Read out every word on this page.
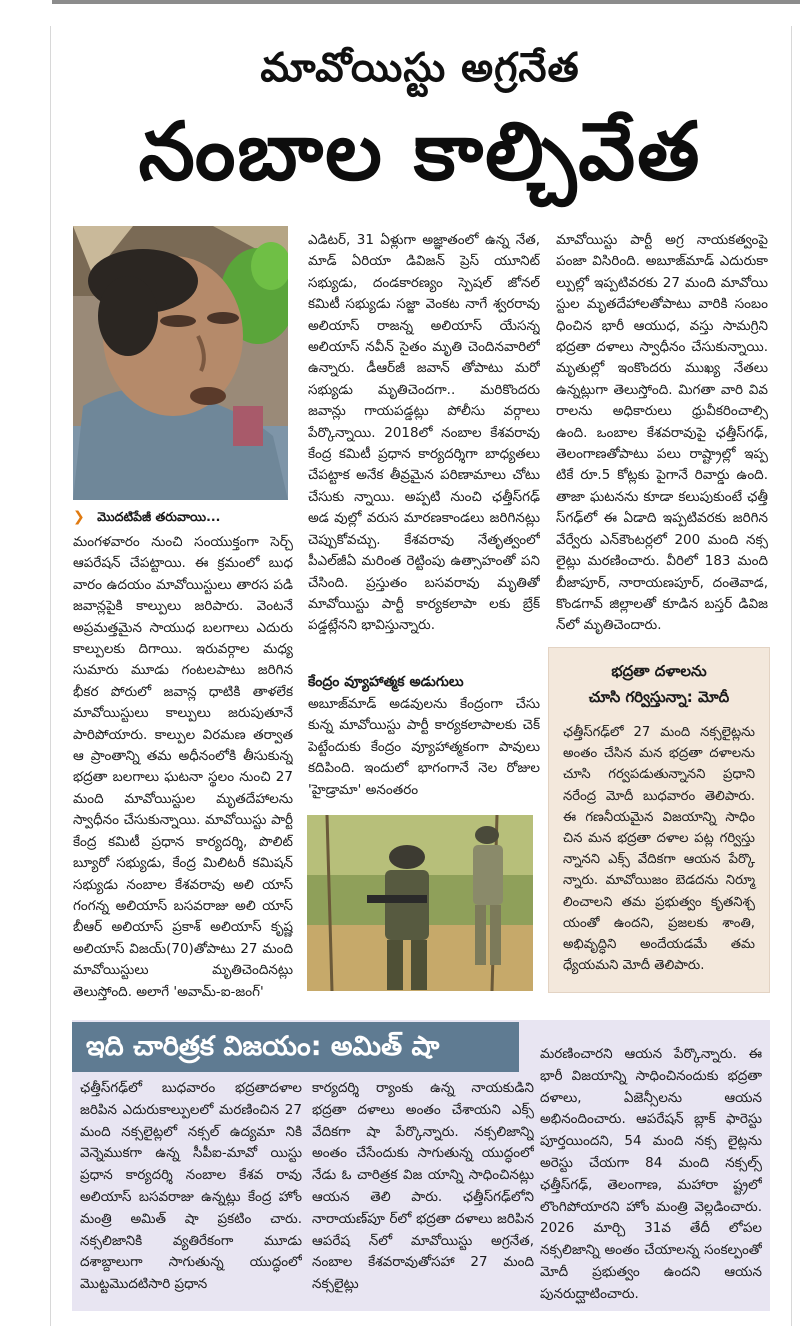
మావోయిస్టు అగ్రనేత
నంబాల కాల్చివేత
❯ మొదటిపేజీ తరువాయి...

మంగళవారం నుంచి సంయుక్తంగా సెర్చ్ ఆపరేషన్ చేపట్టాయి. ఈ క్రమంలో బుధ వారం ఉదయం మావోయిస్టులు తారస పడి జవాన్లపైకి కాల్పులు జరిపారు. వెంటనే అప్రమత్తమైన సాయుధ బలగాలు ఎదురు కాల్పులకు దిగాయి. ఇరువర్గాల మధ్య సుమారు మూడు గంటలపాటు జరిగిన భీకర పోరులో జవాన్ల ధాటికి తాళలేక మావోయిస్టులు కాల్పులు జరుపుతూనే పారిపోయారు. కాల్పుల విరమణ తర్వాత ఆ ప్రాంతాన్ని తమ అధీనంలోకి తీసుకున్న భద్రతా బలగాలు ఘటనా స్థలం నుంచి 27 మంది మావోయిస్టుల మృతదేహాలను స్వాధీనం చేసుకున్నాయి. మావోయిస్టు పార్టీ కేంద్ర కమిటీ ప్రధాన కార్యదర్శి, పొలిట్ బ్యూరో సభ్యుడు, కేంద్ర మిలిటరీ కమిషన్ సభ్యుడు నంబాల కేశవరావు అలి యాస్ గంగన్న అలియాస్ బసవరాజు అలి యాస్ బీఆర్ అలియాస్ ప్రకాశ్ అలియాస్ కృష్ణ అలియాస్ విజయ్(70)తోపాటు 27 మంది మావోయిస్టులు మృతిచెందినట్లు తెలుస్తోంది. అలాగే 'అవామ్-ఐ-జంగ్'

ఎడిటర్, 31 ఏళ్లుగా అజ్ఞాతంలో ఉన్న నేత, మాడ్ ఏరియా డివిజన్ ప్రెస్ యూనిట్ సభ్యుడు, దండకారణ్యం స్పెషల్ జోనల్ కమిటీ సభ్యుడు సజ్జా వెంకట నాగే శ్వరరావు అలియాస్ రాజన్న అలియాస్ యేసన్న అలియాస్ నవీన్ సైతం మృతి చెందినవారిలో ఉన్నారు. డీఆర్‌జీ జవాన్ తోపాటు మరో సభ్యుడు మృతిచెందగా.. మరికొందరు జవాన్లు గాయపడ్డట్లు పోలీసు వర్గాలు పేర్కొన్నాయి. 2018లో నంబాల కేశవరావు కేంద్ర కమిటీ ప్రధాన కార్యదర్శిగా బాధ్యతలు చేపట్టాక అనేక తీవ్రమైన పరిణామాలు చోటు చేసుకు న్నాయి. అప్పటి నుంచి ఛత్తీస్‌గఢ్ అడ వుల్లో వరుస మారణకాండలు జరిగినట్లు చెప్పుకోవచ్చు. కేశవరావు నేతృత్వంలో పీఎల్‌జీఏ మరింత రెట్టింపు ఉత్సాహంతో పని చేసింది. ప్రస్తుతం బసవరావు మృతితో మావోయిస్టు పార్టీ కార్యకలాపా లకు బ్రేక్ పడ్డట్లేనని భావిస్తున్నారు.

కేంద్రం వ్యూహాత్మక అడుగులు

అబూజ్‌మాడ్ అడవులను కేంద్రంగా చేసు కున్న మావోయిస్టు పార్టీ కార్యకలాపాలకు చెక్ పెట్టేందుకు కేంద్రం వ్యూహాత్మకంగా పావులు కదిపింది. ఇందులో భాగంగానే నెల రోజుల 'హైడ్రామా' అనంతరం

మావోయిస్టు పార్టీ అగ్ర నాయకత్వంపై పంజా విసిరింది. అబూజ్‌మాడ్ ఎదురుకా ల్పుల్లో ఇప్పటివరకు 27 మంది మావోయి స్టుల మృతదేహాలతోపాటు వారికి సంబం ధించిన భారీ ఆయుధ, వస్తు సామగ్రిని భద్రతా దళాలు స్వాధీనం చేసుకున్నాయి. మృతుల్లో ఇంకొందరు ముఖ్య నేతలు ఉన్నట్లుగా తెలుస్తోంది. మిగతా వారి వివ రాలను అధికారులు ధ్రువీకరించాల్సి ఉంది. ఒంబాల కేశవరావుపై ఛత్తీస్‌గఢ్, తెలంగాణతోపాటు పలు రాష్ట్రాల్లో ఇప్ప టికే రూ.5 కోట్లకు పైగానే రివార్డు ఉంది. తాజా ఘటనను కూడా కలుపుకుంటే ఛత్తీ స్‌గఢ్‌లో ఈ ఏడాది ఇప్పటివరకు జరిగిన వేర్వేరు ఎన్‌కౌంటర్లలో 200 మంది నక్స లైట్లు మరణించారు. వీరిలో 183 మంది బీజాపూర్, నారాయణపూర్, దంతెవాడ, కొండగావ్ జిల్లాలతో కూడిన బస్తర్ డివిజ న్‌లో మృతిచెందారు.

భద్రతా దళాలను
చూసి గర్విస్తున్నా: మోదీ
ఛత్తీస్‌గఢ్‌లో 27 మంది నక్సలైట్లను అంతం చేసిన మన భద్రతా దళాలను చూసి గర్వపడుతున్నానని ప్రధాని నరేంద్ర మోదీ బుధవారం తెలిపారు. ఈ గణనీయమైన విజయాన్ని సాధిం చిన మన భద్రతా దళాల పట్ల గర్విస్తు న్నానని ఎక్స్ వేదికగా ఆయన పేర్కొ న్నారు. మావోయిజం బెడదను నిర్మూ లించాలని తమ ప్రభుత్వం కృతనిశ్చ యంతో ఉందని, ప్రజలకు శాంతి, అభివృద్ధిని అందేయడమే తమ ధ్యేయమని మోదీ తెలిపారు.
ఛత్తీస్‌గఢ్‌లో బుధవారం భద్రతాదళాల జరిపిన ఎదురుకాల్పులలో మరణించిన 27 మంది నక్సలైట్లలో నక్సల్ ఉద్యమా నికి వెన్నెముకగా ఉన్న సీపీఐ-మావో యిస్టు ప్రధాన కార్యదర్శి నంబాల కేశవ రావు అలియాస్ బసవరాజు ఉన్నట్లు కేంద్ర హోం మంత్రి అమిత్ షా ప్రకటిం చారు. నక్సలిజానికి వ్యతిరేకంగా మూడు దశాబ్దాలుగా సాగుతున్న యుద్ధంలో మొట్టమొదటిసారి ప్రధాన
కార్యదర్శి ర్యాంకు ఉన్న నాయకుడిని భద్రతా దళాలు అంతం చేశాయని ఎక్స్ వేదికగా షా పేర్కొన్నారు. నక్సలిజాన్ని అంతం చేసేందుకు సాగుతున్న యుద్ధంలో నేడు ఓ చారిత్రక విజ యాన్ని సాధించినట్లు ఆయన తెలి పారు. ఛత్తీస్‌గఢ్‌లోని నారాయణ్‌పూ ర్‌లో భద్రతా దళాలు జరిపిన ఆపరేష న్‌లో మావోయిస్టు అగ్రనేత, నంబాల కేశవరావుతోసహా 27 మంది నక్సలైట్లు
మరణించారని ఆయన పేర్కొన్నారు. ఈ భారీ విజయాన్ని సాధించినందుకు భద్రతా దళాలు, ఏజెన్సీలను ఆయన అభినందించారు. ఆపరేషన్ బ్లాక్ ఫారెస్టు పూర్తయిందని, 54 మంది నక్స లైట్లను అరెస్టు చేయగా 84 మంది నక్సల్స్ ఛత్తీస్‌గఢ్, తెలంగాణ, మహారా ష్ట్రలో లొంగిపోయారని హోం మంత్రి వెల్లడించారు. 2026 మార్చి 31వ తేదీ లోపల నక్సలిజాన్ని అంతం చేయాలన్న సంకల్పంతో మోదీ ప్రభుత్వం ఉందని ఆయన పునరుద్ఘాటించారు.
ఇది చారిత్రక విజయం: అమిత్ షా
